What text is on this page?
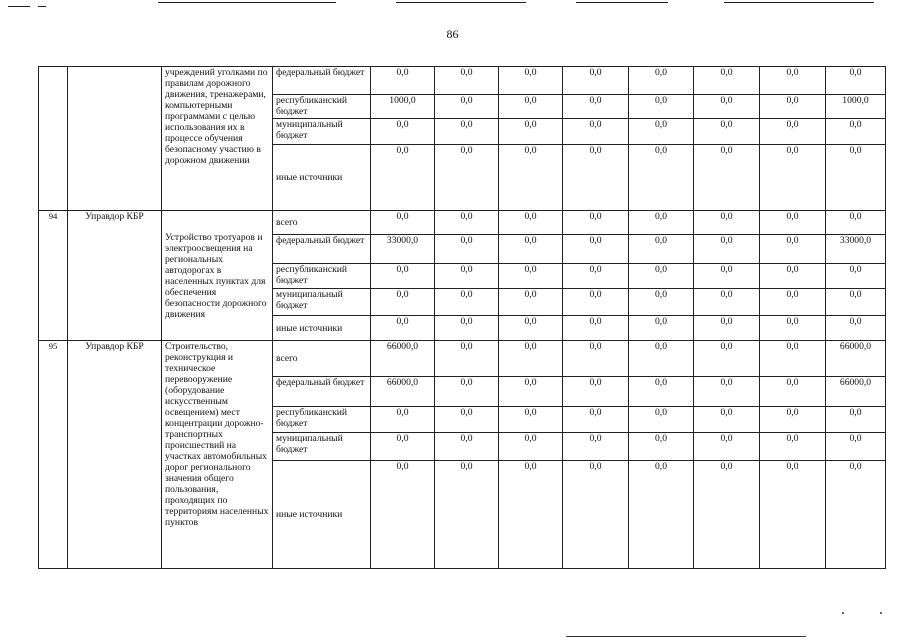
86
		учреждений уголками по правилам дорожного движения, тренажерами, компьютерными программами с целью использования их в процессе обучения безопасному участию в дорожном движении	федеральный бюджет	0,0	0,0	0,0	0,0	0,0	0,0	0,0	0,0
			республиканский бюджет	1000,0	0,0	0,0	0,0	0,0	0,0	0,0	1000,0
			муниципальный бюджет	0,0	0,0	0,0	0,0	0,0	0,0	0,0	0,0
			иные источники	0,0	0,0	0,0	0,0	0,0	0,0	0,0	0,0
94	Управдор КБР	Устройство тротуаров и электроосвещения на региональных автодорогах в населенных пунктах для обеспечения безопасности дорожного движения	всего	0,0	0,0	0,0	0,0	0,0	0,0	0,0	0,0
			федеральный бюджет	33000,0	0,0	0,0	0,0	0,0	0,0	0,0	33000,0
			республиканский бюджет	0,0	0,0	0,0	0,0	0,0	0,0	0,0	0,0
			муниципальный бюджет	0,0	0,0	0,0	0,0	0,0	0,0	0,0	0,0
			иные источники	0,0	0,0	0,0	0,0	0,0	0,0	0,0	0,0
95	Управдор КБР	Строительство, реконструкция и техническое перевооружение (оборудование искусственным освещением) мест концентрации дорожно-транспортных происшествий на участках автомобильных дорог регионального значения общего пользования, проходящих по территориям населенных пунктов	всего	66000,0	0,0	0,0	0,0	0,0	0,0	0,0	66000,0
			федеральный бюджет	66000,0	0,0	0,0	0,0	0,0	0,0	0,0	66000,0
			республиканский бюджет	0,0	0,0	0,0	0,0	0,0	0,0	0,0	0,0
			муниципальный бюджет	0,0	0,0	0,0	0,0	0,0	0,0	0,0	0,0
			иные источники	0,0	0,0	0,0	0,0	0,0	0,0	0,0	0,0
